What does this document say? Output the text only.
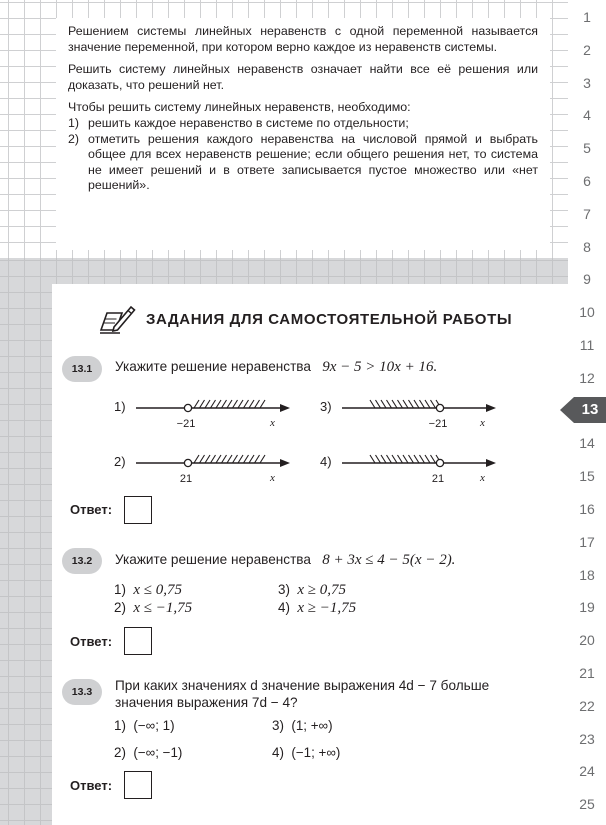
Решением системы линейных неравенств с одной переменной называется значение переменной, при котором верно каждое из неравенств системы.

Решить систему линейных неравенств означает найти все её решения или доказать, что решений нет.

Чтобы решить систему линейных неравенств, необходимо:
1) решить каждое неравенство в системе по отдельности;
2) отметить решения каждого неравенства на числовой прямой и выбрать общее для всех неравенств решение; если общего решения нет, то система не имеет решений и в ответе записывается пустое множество или «нет решений».
1
2
3
4
5
6
7
8
9
10
11
12
14
15
16
17
18
19
20
21
22
23
24
25
13
ЗАДАНИЯ ДЛЯ САМОСТОЯТЕЛЬНОЙ РАБОТЫ
13.1	Укажите решение неравенства 9x − 5 > 10x + 16.
1)
−21	x
3)
−21	x
2)
21	x
4)
21	x
Ответ:
13.2	Укажите решение неравенства 8 + 3x ≤ 4 − 5(x − 2).
1) x ≤ 0,75	3) x ≥ 0,75
2) x ≤ −1,75	4) x ≥ −1,75
Ответ:
13.3	При каких значениях d значение выражения 4d − 7 больше
значения выражения 7d − 4?
1) (−∞; 1)	3) (1; +∞)
2) (−∞; −1)	4) (−1; +∞)
Ответ:
